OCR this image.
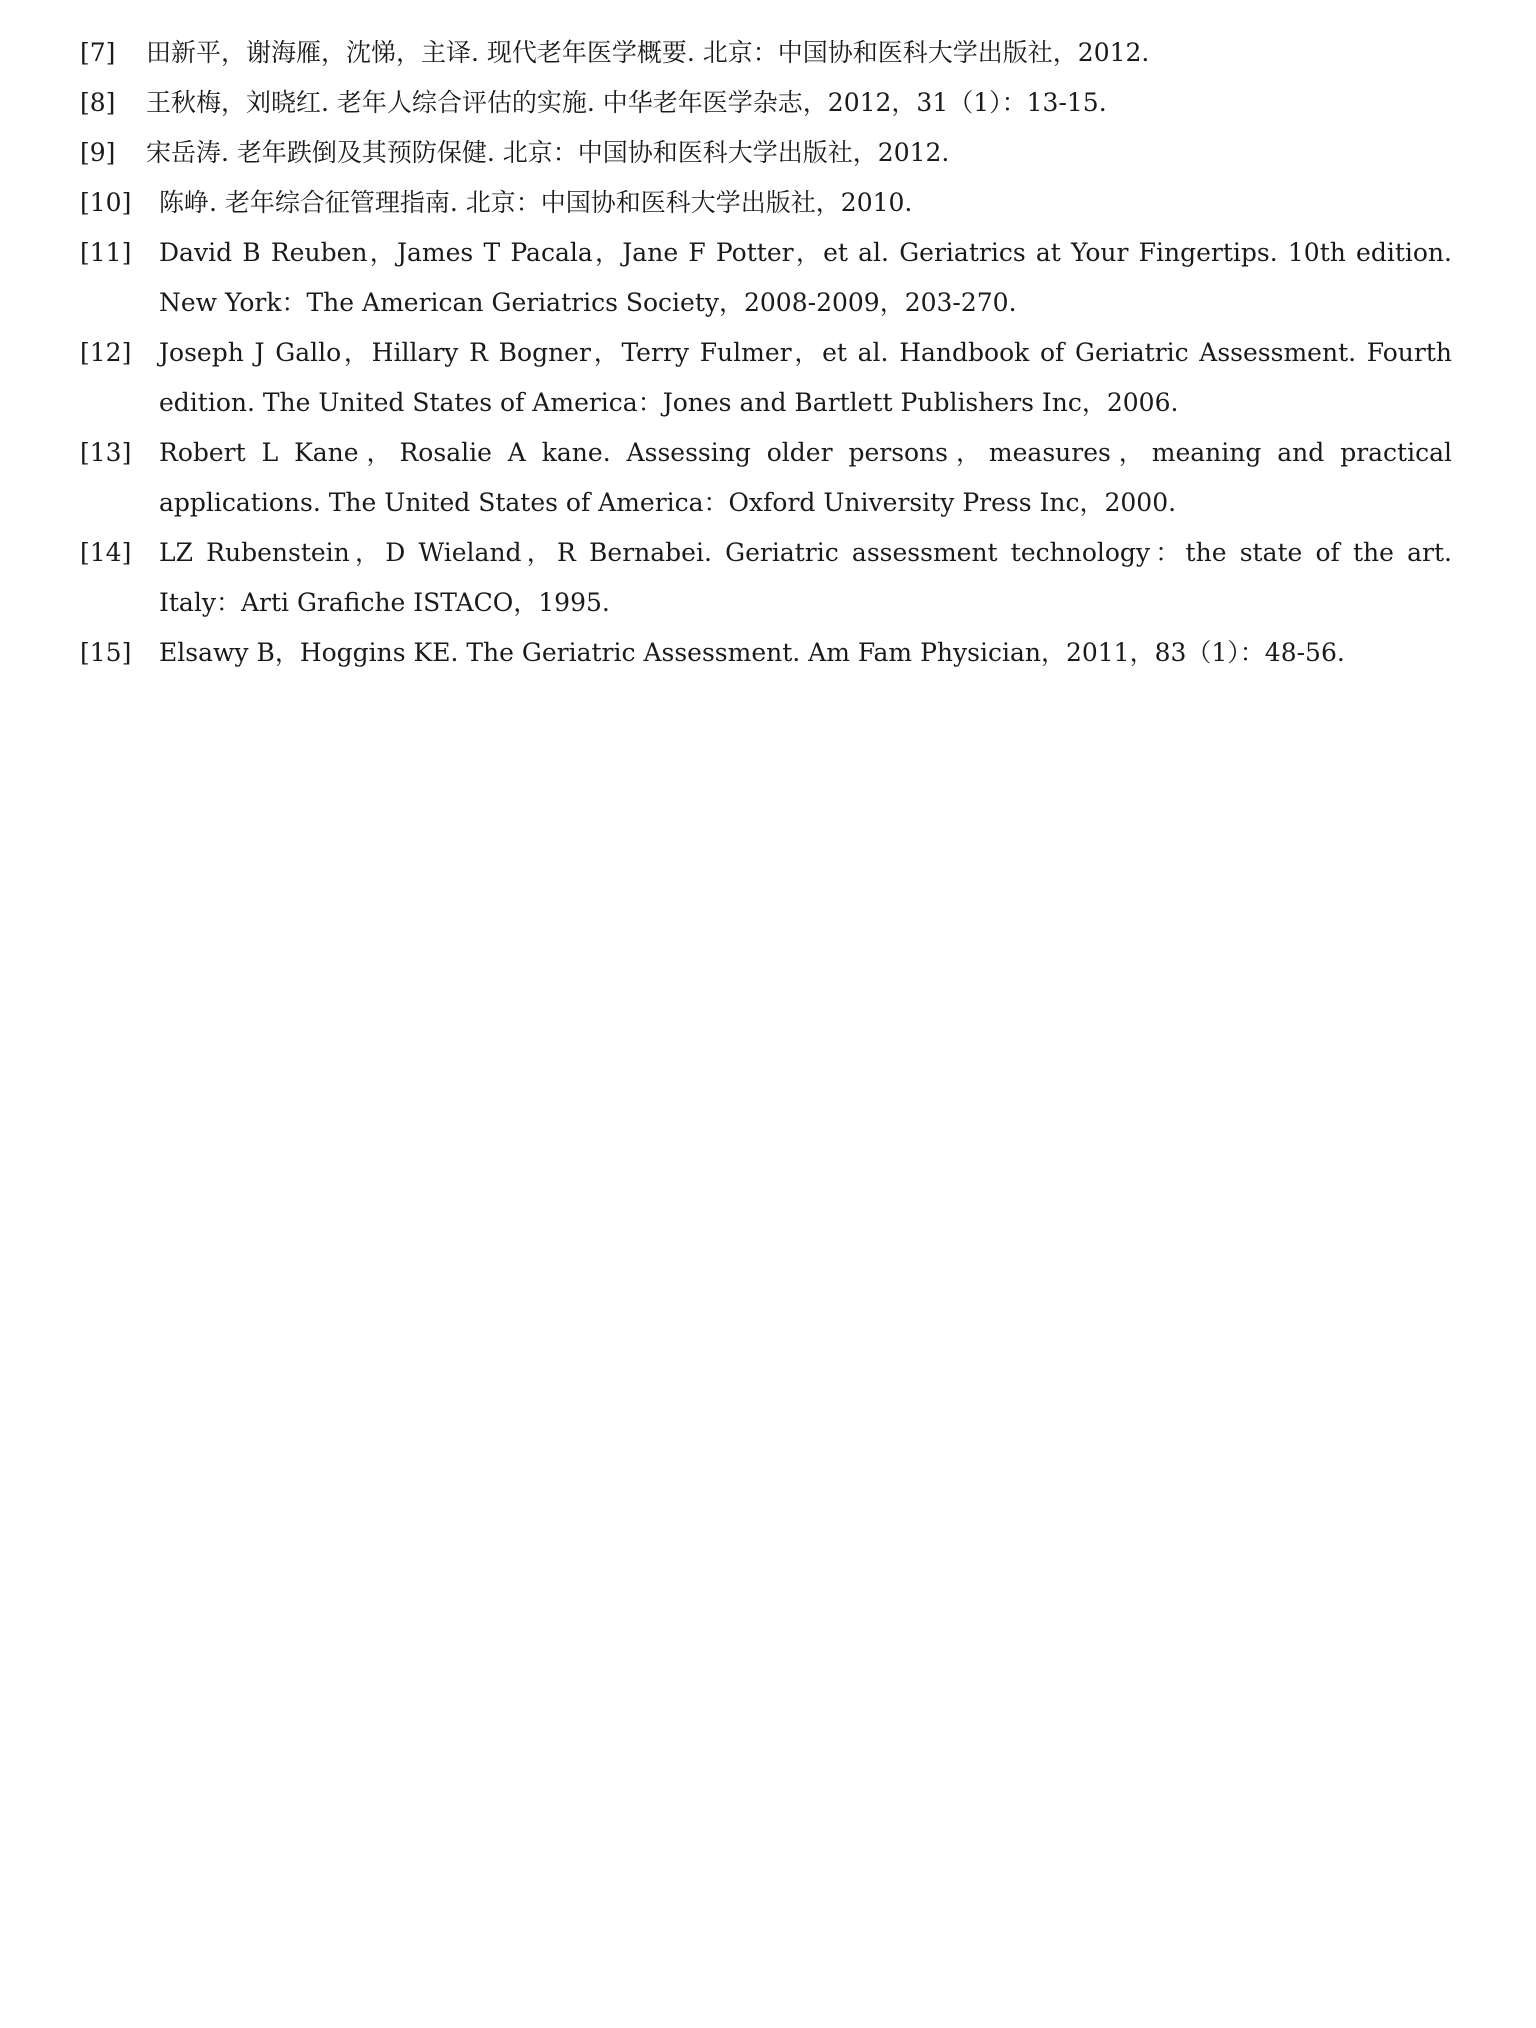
[7]	田新平，谢海雁，沈悌，主译. 现代老年医学概要. 北京：中国协和医科大学出版社，2012.
[8]	王秋梅，刘晓红. 老年人综合评估的实施. 中华老年医学杂志，2012，31（1）：13-15.
[9]	宋岳涛. 老年跌倒及其预防保健. 北京：中国协和医科大学出版社，2012.
[10]	陈峥. 老年综合征管理指南. 北京：中国协和医科大学出版社，2010.
[11]	David B Reuben，James T Pacala，Jane F Potter，et al. Geriatrics at Your Fingertips. 10th edition. New York：The American Geriatrics Society，2008-2009，203-270.
[12]	Joseph J Gallo，Hillary R Bogner，Terry Fulmer，et al. Handbook of Geriatric Assessment. Fourth edition. The United States of America：Jones and Bartlett Publishers Inc，2006.
[13]	Robert L Kane，Rosalie A kane. Assessing older persons，measures，meaning and practical applications. The United States of America：Oxford University Press Inc，2000.
[14]	LZ Rubenstein，D Wieland，R Bernabei. Geriatric assessment technology：the state of the art. Italy：Arti Grafiche ISTACO，1995.
[15]	Elsawy B，Hoggins KE. The Geriatric Assessment. Am Fam Physician，2011，83（1）：48-56.
